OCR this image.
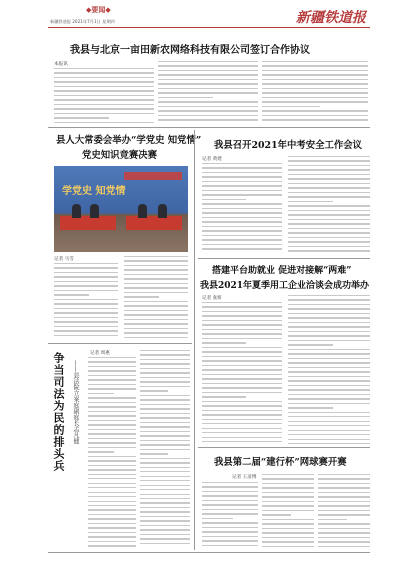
◆要闻◆
新疆铁道报 2021年7月1日 星期四	新疆铁道报
我县与北京一亩田新农网络科技有限公司签订合作协议
本报讯
县人大常委会举办“学党史 知党情”
党史知识竞赛决赛
学党史 知党情
记者 马雪
我县召开2021年中考安全工作会议
记者 黄建
搭建平台助就业 促进对接解“两难”
我县2021年夏季用工企业洽谈会成功举办
记者 张妍
争当司法为民的排头兵	——县法院立案庭副庭长孟凡健
记者 周惠
我县第二届“建行杯”网球赛开赛
记者 王彦博
